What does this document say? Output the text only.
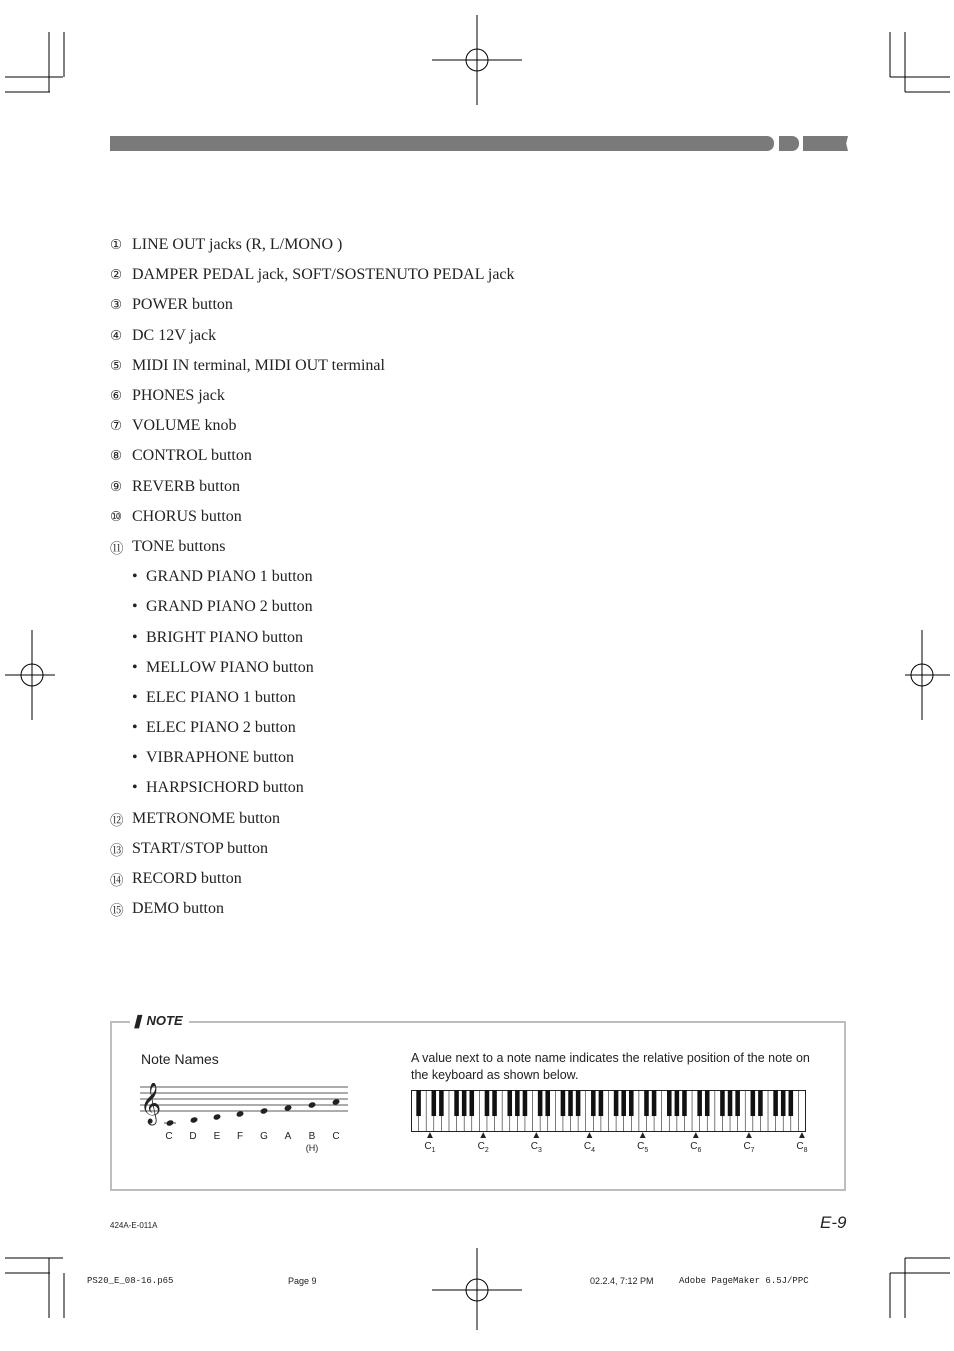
① LINE OUT jacks (R, L/MONO )
② DAMPER PEDAL jack, SOFT/SOSTENUTO PEDAL jack
③ POWER button
④ DC 12V jack
⑤ MIDI IN terminal, MIDI OUT terminal
⑥ PHONES jack
⑦ VOLUME knob
⑧ CONTROL button
⑨ REVERB button
⑩ CHORUS button
⑪ TONE buttons
• GRAND PIANO 1 button
• GRAND PIANO 2 button
• BRIGHT PIANO button
• MELLOW PIANO button
• ELEC PIANO 1 button
• ELEC PIANO 2 button
• VIBRAPHONE button
• HARPSICHORD button
⑫ METRONOME button
⑬ START/STOP button
⑭ RECORD button
⑮ DEMO button
❚ NOTE
Note Names	A value next to a note name indicates the relative position of the note on the keyboard as shown below.
𝄞
C D E F G A B C
(H)
▲
$C_1$
▲
$C_2$
▲
$C_3$
▲
$C_4$
▲
$C_5$
▲
$C_6$
▲
$C_7$
▲
$C_8$
E-9
424A-E-011A
PS20_E_08-16.p65	Page 9	02.2.4, 7:12 PM	Adobe PageMaker 6.5J/PPC
